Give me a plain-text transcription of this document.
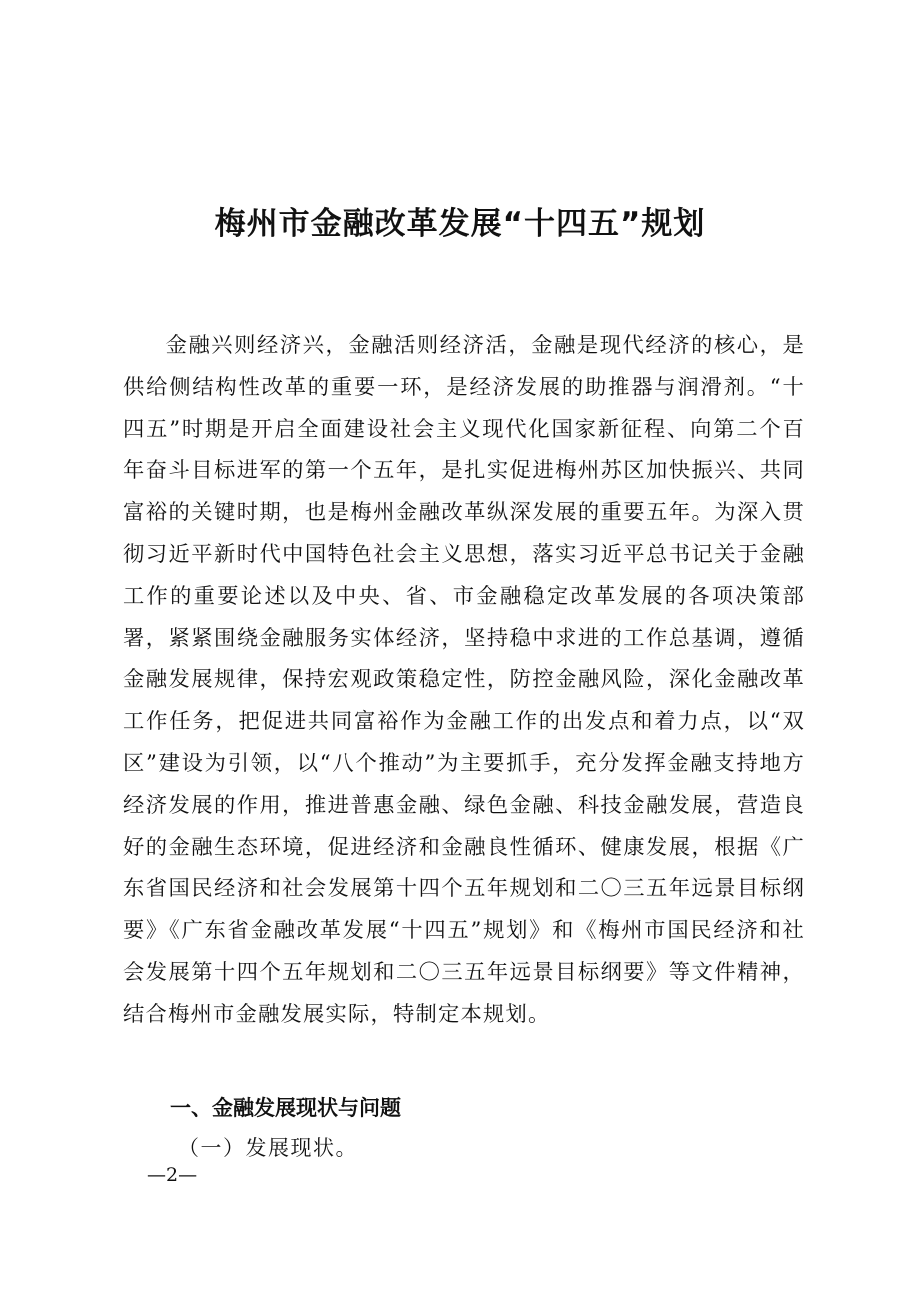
梅州市金融改革发展“十四五”规划

金融兴则经济兴，金融活则经济活，金融是现代经济的核心，是供给侧结构性改革的重要一环，是经济发展的助推器与润滑剂。“十四五”时期是开启全面建设社会主义现代化国家新征程、向第二个百年奋斗目标进军的第一个五年，是扎实促进梅州苏区加快振兴、共同富裕的关键时期，也是梅州金融改革纵深发展的重要五年。为深入贯彻习近平新时代中国特色社会主义思想，落实习近平总书记关于金融工作的重要论述以及中央、省、市金融稳定改革发展的各项决策部署，紧紧围绕金融服务实体经济，坚持稳中求进的工作总基调，遵循金融发展规律，保持宏观政策稳定性，防控金融风险，深化金融改革工作任务，把促进共同富裕作为金融工作的出发点和着力点，以“双区”建设为引领，以“八个推动”为主要抓手，充分发挥金融支持地方经济发展的作用，推进普惠金融、绿色金融、科技金融发展，营造良好的金融生态环境，促进经济和金融良性循环、健康发展，根据《广东省国民经济和社会发展第十四个五年规划和二〇三五年远景目标纲要》《广东省金融改革发展“十四五”规划》和《梅州市国民经济和社会发展第十四个五年规划和二〇三五年远景目标纲要》等文件精神，结合梅州市金融发展实际，特制定本规划。

一、金融发展现状与问题

（一）发展现状。

—2—
